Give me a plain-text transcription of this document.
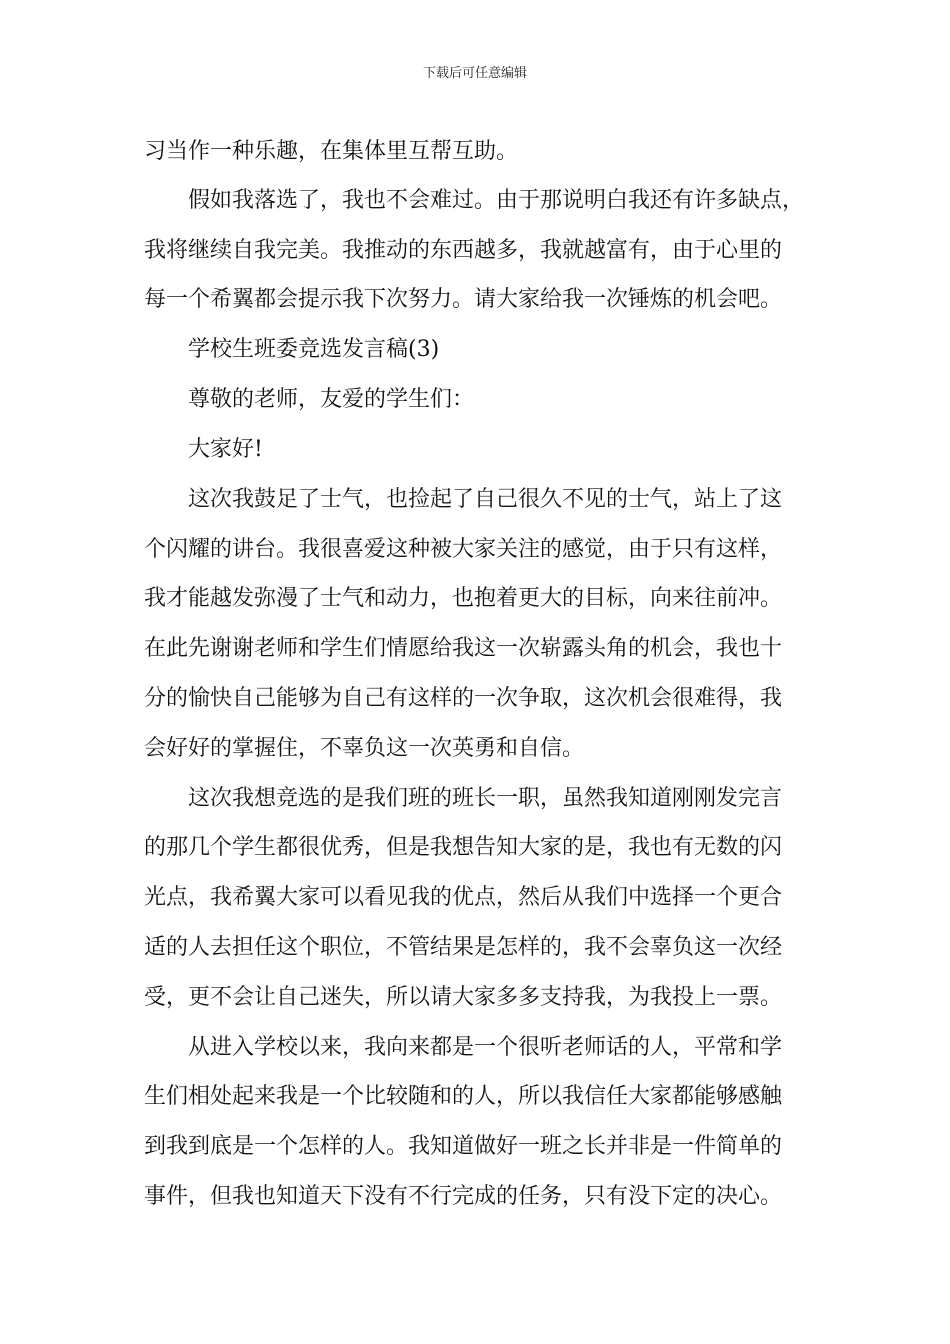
下载后可任意编辑
习当作一种乐趣，在集体里互帮互助。
假如我落选了，我也不会难过。由于那说明白我还有许多缺点，
我将继续自我完美。我推动的东西越多，我就越富有，由于心里的
每一个希翼都会提示我下次努力。请大家给我一次锤炼的机会吧。
学校生班委竞选发言稿(3)
尊敬的老师，友爱的学生们：
大家好!
这次我鼓足了士气，也捡起了自己很久不见的士气，站上了这
个闪耀的讲台。我很喜爱这种被大家关注的感觉，由于只有这样，
我才能越发弥漫了士气和动力，也抱着更大的目标，向来往前冲。
在此先谢谢老师和学生们情愿给我这一次崭露头角的机会，我也十
分的愉快自己能够为自己有这样的一次争取，这次机会很难得，我
会好好的掌握住，不辜负这一次英勇和自信。
这次我想竞选的是我们班的班长一职，虽然我知道刚刚发完言
的那几个学生都很优秀，但是我想告知大家的是，我也有无数的闪
光点，我希翼大家可以看见我的优点，然后从我们中选择一个更合
适的人去担任这个职位，不管结果是怎样的，我不会辜负这一次经
受，更不会让自己迷失，所以请大家多多支持我，为我投上一票。
从进入学校以来，我向来都是一个很听老师话的人，平常和学
生们相处起来我是一个比较随和的人，所以我信任大家都能够感触
到我到底是一个怎样的人。我知道做好一班之长并非是一件简单的
事件，但我也知道天下没有不行完成的任务，只有没下定的决心。
